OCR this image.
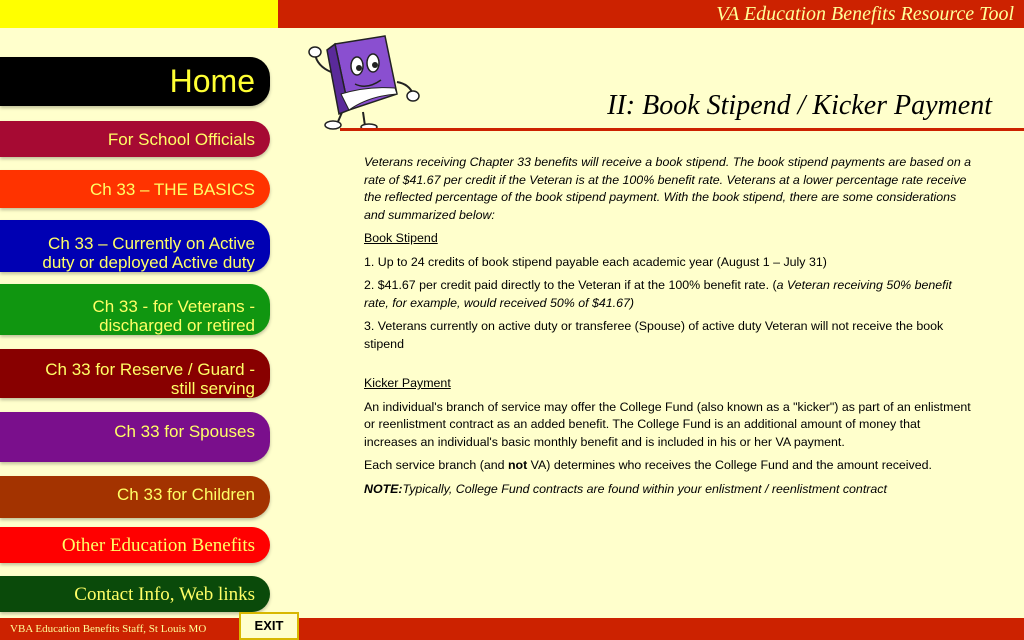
VA Education Benefits Resource Tool
Home
For School Officials
Ch 33 – THE BASICS
Ch 33 – Currently on Active
duty or deployed Active duty
Ch 33 - for Veterans -
discharged or retired
Ch 33 for Reserve / Guard -
still serving
Ch 33 for Spouses
Ch 33 for Children
Other Education Benefits
Contact Info, Web links
II: Book Stipend / Kicker Payment

Veterans receiving Chapter 33 benefits will receive a book stipend. The book stipend payments are based on a rate of $41.67 per credit if the Veteran is at the 100% benefit rate. Veterans at a lower percentage rate receive the reflected percentage of the book stipend payment. With the book stipend, there are some considerations and summarized below:

Book Stipend

1. Up to 24 credits of book stipend payable each academic year (August 1 – July 31)

2. $41.67 per credit paid directly to the Veteran if at the 100% benefit rate. (a Veteran receiving 50% benefit rate, for example, would received 50% of $41.67)

3. Veterans currently on active duty or transferee (Spouse) of active duty Veteran will not receive the book stipend

Kicker Payment

An individual's branch of service may offer the College Fund (also known as a "kicker") as part of an enlistment or reenlistment contract as an added benefit. The College Fund is an additional amount of money that increases an individual's basic monthly benefit and is included in his or her VA payment.

Each service branch (and not VA) determines who receives the College Fund and the amount received.

NOTE:Typically, College Fund contracts are found within your enlistment / reenlistment contract

VBA Education Benefits Staff, St Louis MO	EXIT
